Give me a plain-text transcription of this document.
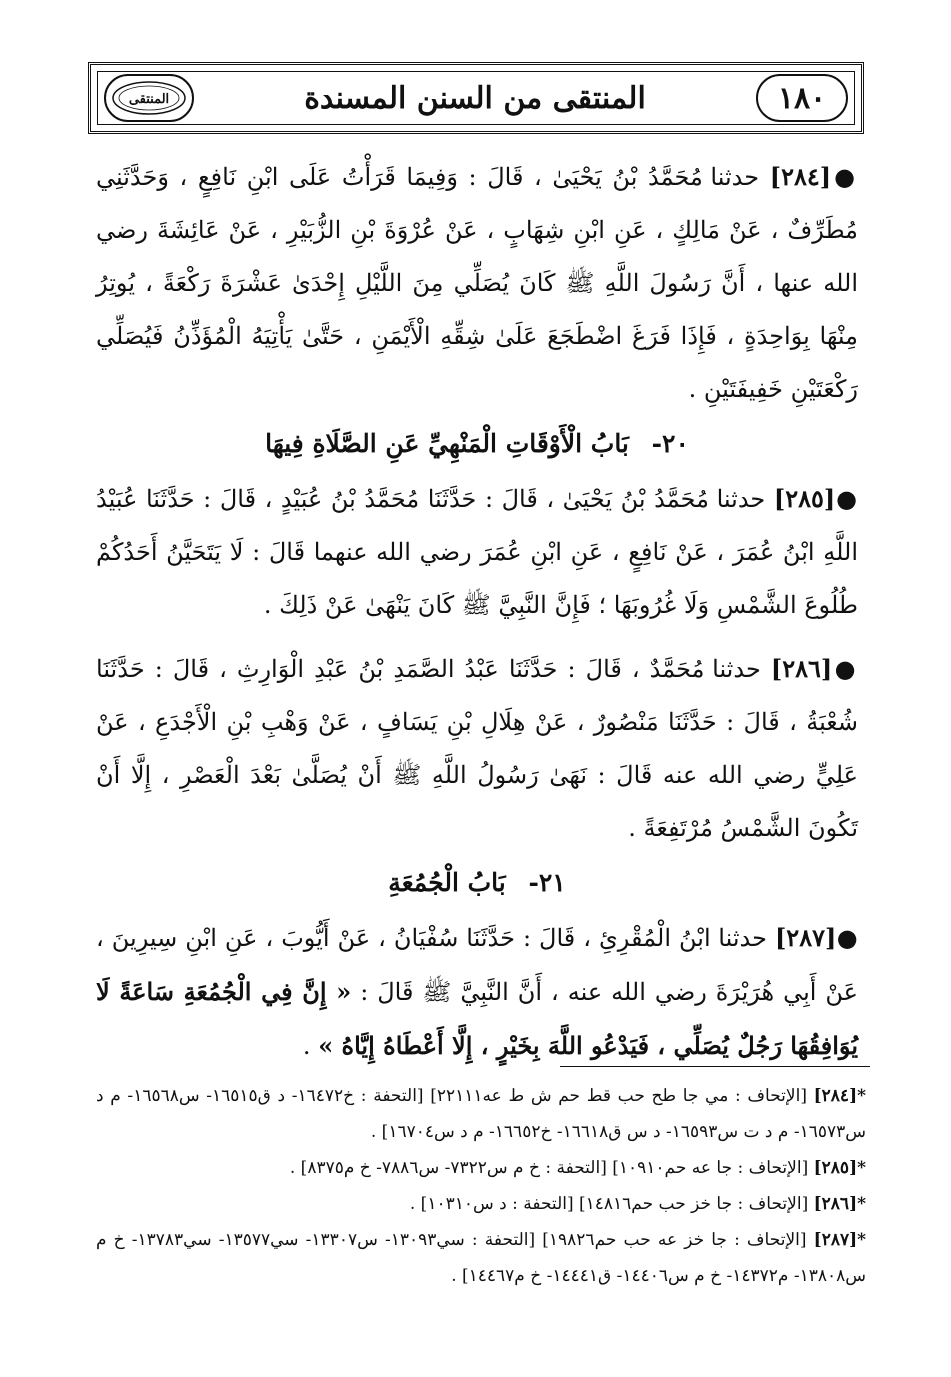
المنتقى	المنتقى من السنن المسندة	١٨٠

●[٢٨٤] حدثنا مُحَمَّدُ بْنُ يَحْيَىٰ ، قَالَ : وَفِيمَا قَرَأْتُ عَلَى ابْنِ نَافِعٍ ، وَحَدَّثَنِي مُطَرِّفٌ ، عَنْ مَالِكٍ ، عَنِ ابْنِ شِهَابٍ ، عَنْ عُرْوَةَ بْنِ الزُّبَيْرِ ، عَنْ عَائِشَةَ رضي الله عنها ، أَنَّ رَسُولَ اللَّهِ ﷺ كَانَ يُصَلِّي مِنَ اللَّيْلِ إِحْدَىٰ عَشْرَةَ رَكْعَةً ، يُوتِرُ مِنْهَا بِوَاحِدَةٍ ، فَإِذَا فَرَغَ اضْطَجَعَ عَلَىٰ شِقِّهِ الْأَيْمَنِ ، حَتَّىٰ يَأْتِيَهُ الْمُؤَذِّنُ فَيُصَلِّي رَكْعَتَيْنِ خَفِيفَتَيْنِ .

٢٠- بَابُ الْأَوْقَاتِ الْمَنْهِيِّ عَنِ الصَّلَاةِ فِيهَا

●[٢٨٥] حدثنا مُحَمَّدُ بْنُ يَحْيَىٰ ، قَالَ : حَدَّثَنَا مُحَمَّدُ بْنُ عُبَيْدٍ ، قَالَ : حَدَّثَنَا عُبَيْدُ اللَّهِ ابْنُ عُمَرَ ، عَنْ نَافِعٍ ، عَنِ ابْنِ عُمَرَ رضي الله عنهما قَالَ : لَا يَتَحَيَّنُ أَحَدُكُمْ طُلُوعَ الشَّمْسِ وَلَا غُرُوبَهَا ؛ فَإِنَّ النَّبِيَّ ﷺ كَانَ يَنْهَىٰ عَنْ ذَلِكَ .

●[٢٨٦] حدثنا مُحَمَّدٌ ، قَالَ : حَدَّثَنَا عَبْدُ الصَّمَدِ بْنُ عَبْدِ الْوَارِثِ ، قَالَ : حَدَّثَنَا شُعْبَةُ ، قَالَ : حَدَّثَنَا مَنْصُورٌ ، عَنْ هِلَالِ بْنِ يَسَافٍ ، عَنْ وَهْبِ بْنِ الْأَجْدَعِ ، عَنْ عَلِيٍّ رضي الله عنه قَالَ : نَهَىٰ رَسُولُ اللَّهِ ﷺ أَنْ يُصَلَّىٰ بَعْدَ الْعَصْرِ ، إِلَّا أَنْ تَكُونَ الشَّمْسُ مُرْتَفِعَةً .

٢١- بَابُ الْجُمُعَةِ

●[٢٨٧] حدثنا ابْنُ الْمُقْرِئِ ، قَالَ : حَدَّثَنَا سُفْيَانُ ، عَنْ أَيُّوبَ ، عَنِ ابْنِ سِيرِينَ ، عَنْ أَبِي هُرَيْرَةَ رضي الله عنه ، أَنَّ النَّبِيَّ ﷺ قَالَ : « إِنَّ فِي الْجُمُعَةِ سَاعَةً لَا يُوَافِقُهَا رَجُلٌ يُصَلِّي ، فَيَدْعُو اللَّهَ بِخَيْرٍ ، إِلَّا أَعْطَاهُ إِيَّاهُ » .

*[٢٨٤] [الإتحاف : مي جا طح حب قط حم ش ط عه٢٢١١١] [التحفة : خ١٦٤٧٢- د ق١٦٥١٥- س١٦٥٦٨- م د س١٦٥٧٣- م د ت س١٦٥٩٣- د س ق١٦٦١٨- خ١٦٦٥٢- م د س١٦٧٠٤] .

*[٢٨٥] [الإتحاف : جا عه حم١٠٩١٠] [التحفة : خ م س٧٣٢٢- س٧٨٨٦- خ م٨٣٧٥] .

*[٢٨٦] [الإتحاف : جا خز حب حم١٤٨١٦] [التحفة : د س١٠٣١٠] .

*[٢٨٧] [الإتحاف : جا خز عه حب حم١٩٨٢٦] [التحفة : سي١٣٠٩٣- س١٣٣٠٧- سي١٣٥٧٧- سي١٣٧٨٣- خ م س١٣٨٠٨- م١٤٣٧٢- خ م س١٤٤٠٦- ق١٤٤٤١- خ م١٤٤٦٧] .
